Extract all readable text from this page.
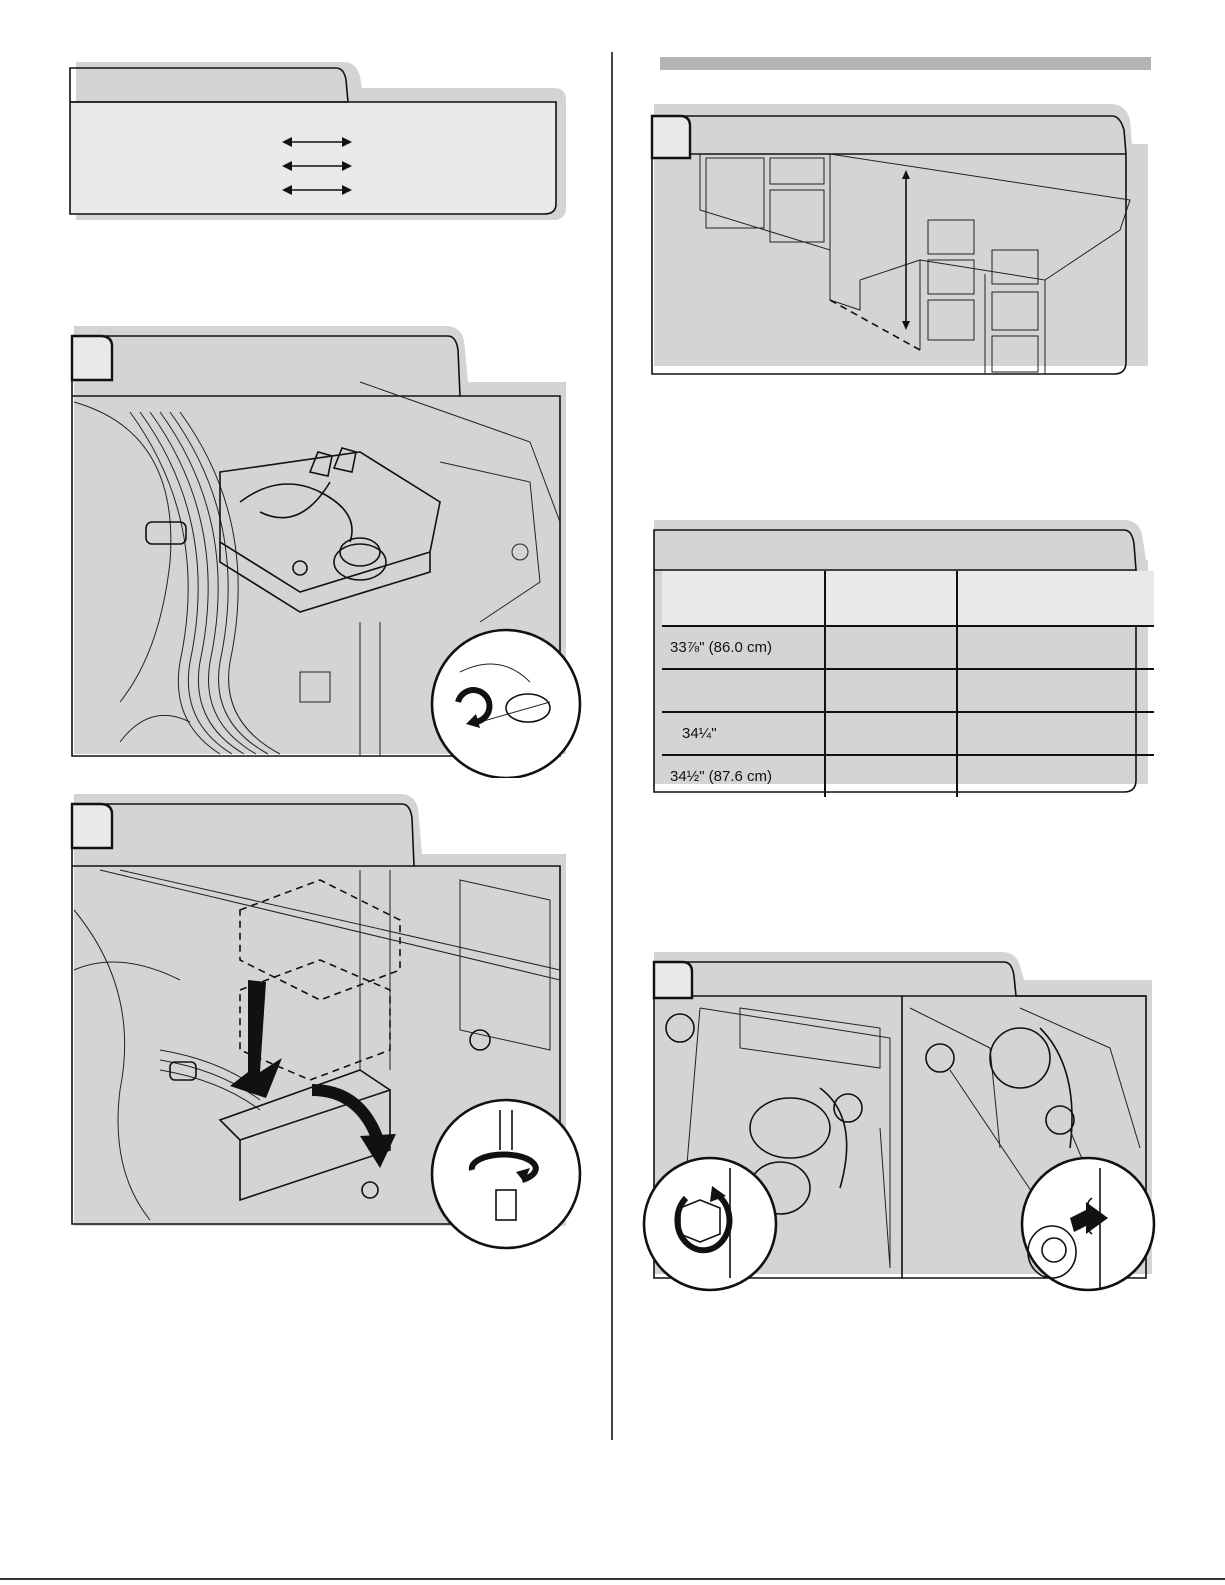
33⅞" (86.0 cm)		

34¼"		
34½" (87.6 cm)		
